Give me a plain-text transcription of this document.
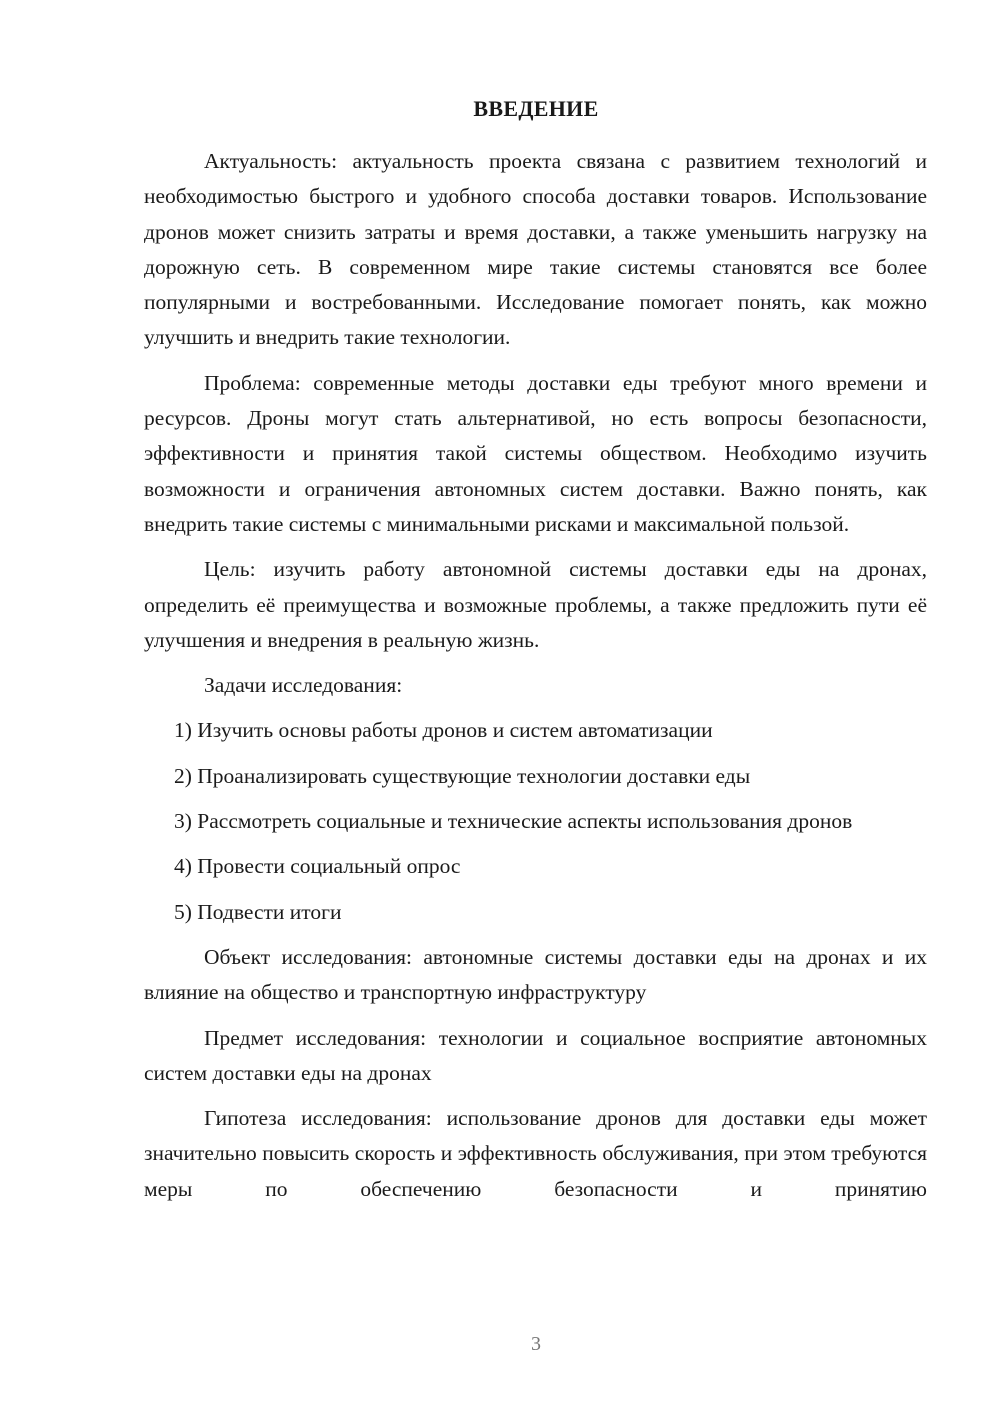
ВВЕДЕНИЕ

Актуальность: актуальность проекта связана с развитием технологий и необходимостью быстрого и удобного способа доставки товаров. Использование дронов может снизить затраты и время доставки, а также уменьшить нагрузку на дорожную сеть. В современном мире такие системы становятся все более популярными и востребованными. Исследование помогает понять, как можно улучшить и внедрить такие технологии.

Проблема: современные методы доставки еды требуют много времени и ресурсов. Дроны могут стать альтернативой, но есть вопросы безопасности, эффективности и принятия такой системы обществом. Необходимо изучить возможности и ограничения автономных систем доставки. Важно понять, как внедрить такие системы с минимальными рисками и максимальной пользой.

Цель: изучить работу автономной системы доставки еды на дронах, определить её преимущества и возможные проблемы, а также предложить пути её улучшения и внедрения в реальную жизнь.

Задачи исследования:

1) Изучить основы работы дронов и систем автоматизации

2) Проанализировать существующие технологии доставки еды

3) Рассмотреть социальные и технические аспекты использования дронов

4) Провести социальный опрос

5) Подвести итоги

Объект исследования: автономные системы доставки еды на дронах и их влияние на общество и транспортную инфраструктуру

Предмет исследования: технологии и социальное восприятие автономных систем доставки еды на дронах

Гипотеза исследования: использование дронов для доставки еды может значительно повысить скорость и эффективность обслуживания, при этом требуются меры по обеспечению безопасности и принятию

3
